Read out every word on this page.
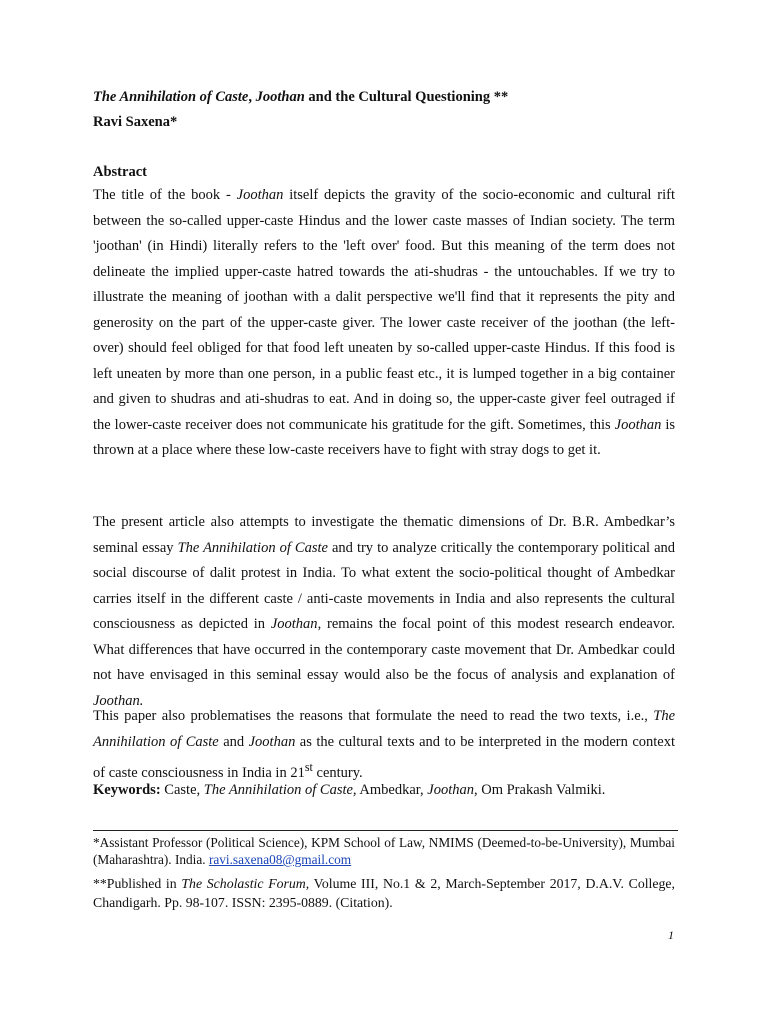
The Annihilation of Caste, Joothan and the Cultural Questioning **
Ravi Saxena*
Abstract

The title of the book - Joothan itself depicts the gravity of the socio-economic and cultural rift between the so-called upper-caste Hindus and the lower caste masses of Indian society. The term 'joothan' (in Hindi) literally refers to the 'left over' food. But this meaning of the term does not delineate the implied upper-caste hatred towards the ati-shudras - the untouchables. If we try to illustrate the meaning of joothan with a dalit perspective we'll find that it represents the pity and generosity on the part of the upper-caste giver. The lower caste receiver of the joothan (the left-over) should feel obliged for that food left uneaten by so-called upper-caste Hindus. If this food is left uneaten by more than one person, in a public feast etc., it is lumped together in a big container and given to shudras and ati-shudras to eat. And in doing so, the upper-caste giver feel outraged if the lower-caste receiver does not communicate his gratitude for the gift. Sometimes, this Joothan is thrown at a place where these low-caste receivers have to fight with stray dogs to get it.

The present article also attempts to investigate the thematic dimensions of Dr. B.R. Ambedkar’s seminal essay The Annihilation of Caste and try to analyze critically the contemporary political and social discourse of dalit protest in India. To what extent the socio-political thought of Ambedkar carries itself in the different caste / anti-caste movements in India and also represents the cultural consciousness as depicted in Joothan, remains the focal point of this modest research endeavor. What differences that have occurred in the contemporary caste movement that Dr. Ambedkar could not have envisaged in this seminal essay would also be the focus of analysis and explanation of Joothan.

This paper also problematises the reasons that formulate the need to read the two texts, i.e., The Annihilation of Caste and Joothan as the cultural texts and to be interpreted in the modern context of caste consciousness in India in 21st century.

Keywords: Caste, The Annihilation of Caste, Ambedkar, Joothan, Om Prakash Valmiki.

*Assistant Professor (Political Science), KPM School of Law, NMIMS (Deemed-to-be-University), Mumbai (Maharashtra). India. ravi.saxena08@gmail.com

**Published in The Scholastic Forum, Volume III, No.1 & 2, March-September 2017, D.A.V. College, Chandigarh. Pp. 98-107. ISSN: 2395-0889. (Citation).

1
